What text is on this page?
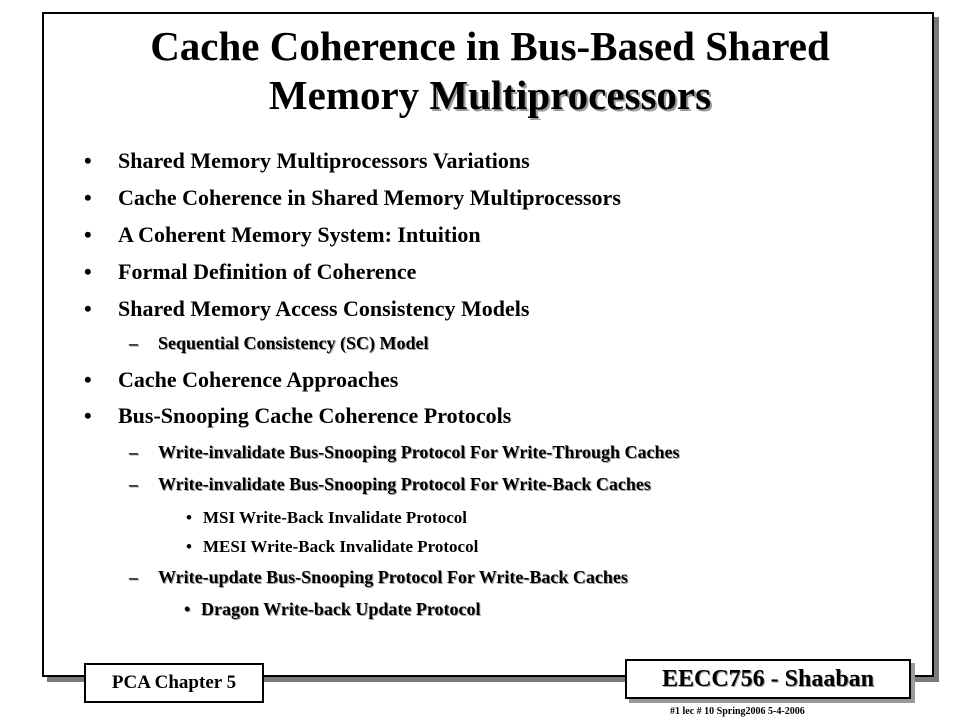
Cache Coherence in Bus-Based Shared
Memory Multiprocessors
• Shared Memory Multiprocessors Variations
• Cache Coherence in Shared Memory Multiprocessors
• A Coherent Memory System: Intuition
• Formal Definition of Coherence
• Shared Memory Access Consistency Models
– Sequential Consistency (SC) Model
• Cache Coherence Approaches
• Bus-Snooping Cache Coherence Protocols
– Write-invalidate Bus-Snooping Protocol For Write-Through Caches
– Write-invalidate Bus-Snooping Protocol For Write-Back Caches
• MSI Write-Back Invalidate Protocol
• MESI Write-Back Invalidate Protocol
– Write-update Bus-Snooping Protocol For Write-Back Caches
• Dragon Write-back Update Protocol
PCA Chapter 5	EECC756 - Shaaban
#1 lec # 10 Spring2006 5-4-2006
